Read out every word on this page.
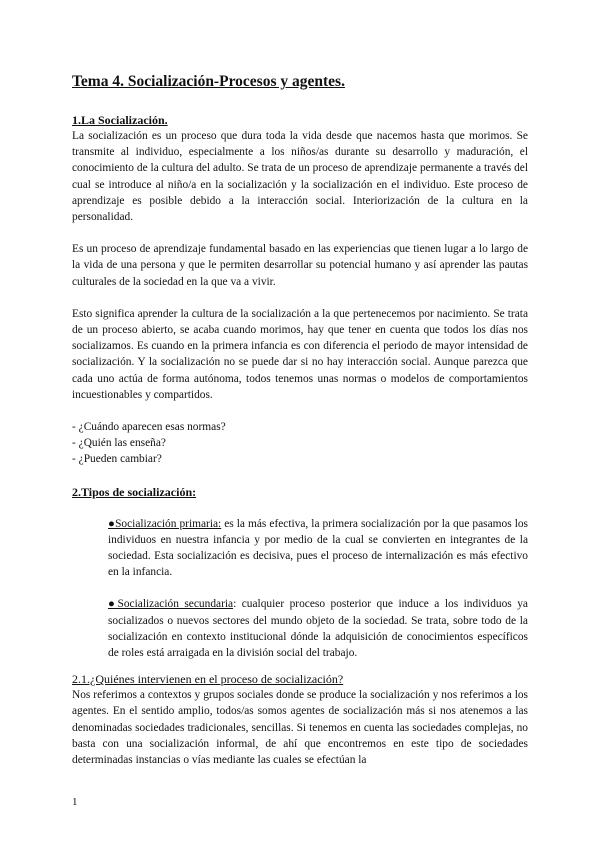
Tema 4. Socialización-Procesos y agentes.
1.La Socialización.

La socialización es un proceso que dura toda la vida desde que nacemos hasta que morimos. Se transmite al individuo, especialmente a los niños/as durante su desarrollo y maduración, el conocimiento de la cultura del adulto. Se trata de un proceso de aprendizaje permanente a través del cual se introduce al niño/a en la socialización y la socialización en el individuo. Este proceso de aprendizaje es posible debido a la interacción social. Interiorización de la cultura en la personalidad.

Es un proceso de aprendizaje fundamental basado en las experiencias que tienen lugar a lo largo de la vida de una persona y que le permiten desarrollar su potencial humano y así aprender las pautas culturales de la sociedad en la que va a vivir.

Esto significa aprender la cultura de la socialización a la que pertenecemos por nacimiento. Se trata de un proceso abierto, se acaba cuando morimos, hay que tener en cuenta que todos los días nos socializamos. Es cuando en la primera infancia es con diferencia el periodo de mayor intensidad de socialización. Y la socialización no se puede dar si no hay interacción social. Aunque parezca que cada uno actúa de forma autónoma, todos tenemos unas normas o modelos de comportamientos incuestionables y compartidos.

- ¿Cuándo aparecen esas normas?
- ¿Quién las enseña?
- ¿Pueden cambiar?
2.Tipos de socialización:

●Socialización primaria: es la más efectiva, la primera socialización por la que pasamos los individuos en nuestra infancia y por medio de la cual se convierten en integrantes de la sociedad. Esta socialización es decisiva, pues el proceso de internalización es más efectivo en la infancia.

●Socialización secundaria: cualquier proceso posterior que induce a los individuos ya socializados o nuevos sectores del mundo objeto de la sociedad. Se trata, sobre todo de la socialización en contexto institucional dónde la adquisición de conocimientos específicos de roles está arraigada en la división social del trabajo.

2.1.¿Quiénes intervienen en el proceso de socialización?

Nos referimos a contextos y grupos sociales donde se produce la socialización y nos referimos a los agentes. En el sentido amplio, todos/as somos agentes de socialización más si nos atenemos a las denominadas sociedades tradicionales, sencillas. Si tenemos en cuenta las sociedades complejas, no basta con una socialización informal, de ahí que encontremos en este tipo de sociedades determinadas instancias o vías mediante las cuales se efectúan la

1
